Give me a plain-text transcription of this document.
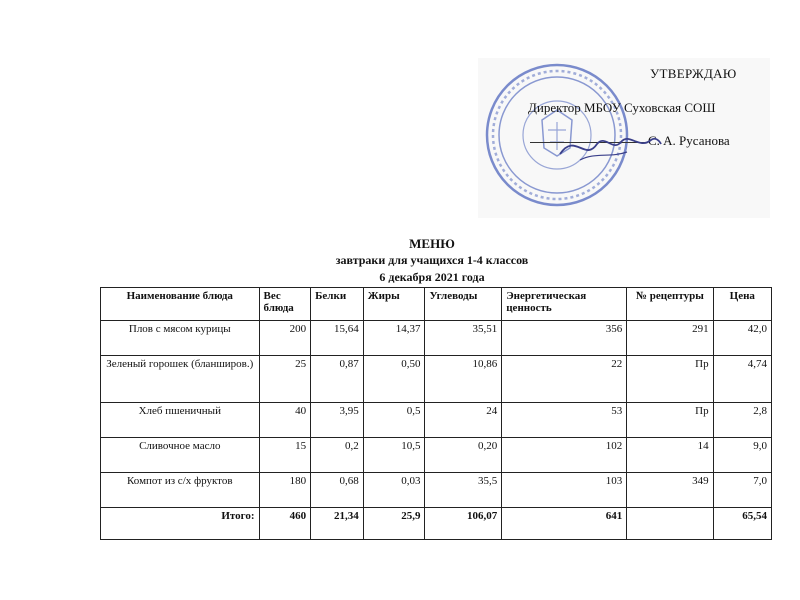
УТВЕРЖДАЮ
Директор МБОУ Суховская СОШ
С. А. Русанова
МЕНЮ
завтраки для учащихся 1-4 классов
6 декабря 2021 года
Наименование блюда	Вес блюда	Белки	Жиры	Углеводы	Энергетическая ценность	№ рецептуры	Цена
Плов с мясом курицы	200	15,64	14,37	35,51	356	291	42,0
Зеленый горошек (бланширов.)	25	0,87	0,50	10,86	22	Пр	4,74
Хлеб пшеничный	40	3,95	0,5	24	53	Пр	2,8
Сливочное масло	15	0,2	10,5	0,20	102	14	9,0
Компот из с/х фруктов	180	0,68	0,03	35,5	103	349	7,0
Итого:	460	21,34	25,9	106,07	641		65,54
